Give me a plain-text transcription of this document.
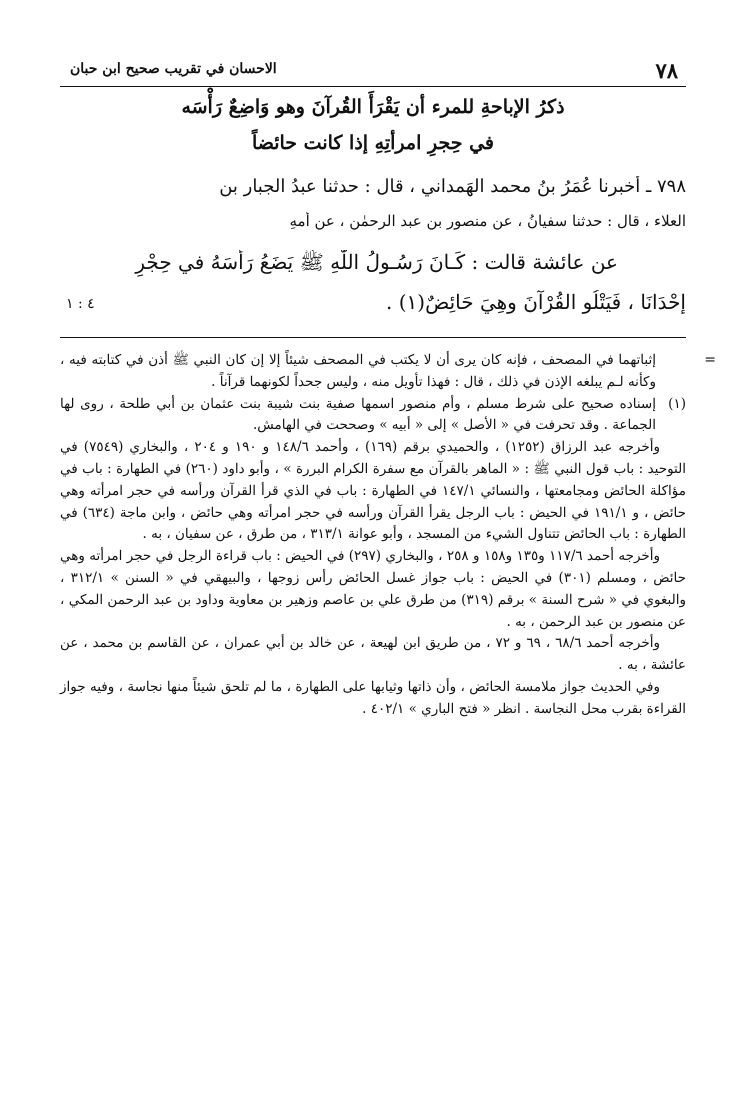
٧٨
الاحسان في تقريب صحيح ابن حبان
ذكرُ الإباحةِ للمرء أن يَقْرَأَ القُرآنَ وهو وَاضِعٌ رَأْسَه
في حِجرِ امرأتِهِ إذا كانت حائضاً
٧٩٨ ـ أخبرنا عُمَرُ بنُ محمد الهَمداني ، قال : حدثنا عبدُ الجبار بن
العلاء ، قال : حدثنا سفيانُ ، عن منصور بن عبد الرحمٰن ، عن أمهِ
عن عائشة قالت : كَـانَ رَسُـولُ اللّٰهِ ﷺ يَضَعُ رَأْسَهُ في حِجْرِ
إِحْدَانَا ، فَيَتْلُو القُرْآنَ وهِيَ حَائِضٌ(١) .
٤ : ١

=
إثباتهما في المصحف ، فإنه كان يرى أن لا يكتب في المصحف شيئاً إلا إن كان النبي ﷺ أذن في كتابته فيه ، وكأنه لـم يبلغه الإذن في ذلك ، قال : فهذا تأويل منه ، وليس جحداً لكونهما قرآناً .

(١)
إسناده صحيح على شرط مسلم ، وأم منصور اسمها صفية بنت شيبة بنت عثمان بن أبي طلحة ، روى لها الجماعة . وقد تحرفت في « الأصل » إلى « أبيه » وصححت في الهامش.

وأخرجه عبد الرزاق (١٢٥٢) ، والحميدي برقم (١٦٩) ، وأحمد ١٤٨/٦ و ١٩٠ و ٢٠٤ ، والبخاري (٧٥٤٩) في التوحيد : باب قول النبي ﷺ : « الماهر بالقرآن مع سفرة الكرام البررة » ، وأبو داود (٢٦٠) في الطهارة : باب في مؤاكلة الحائض ومجامعتها ، والنسائي ١٤٧/١ في الطهارة : باب في الذي قرأ القرآن ورأسه في حجر امرأته وهي حائض ، و ١٩١/١ في الحيض : باب الرجل يقرأ القرآن ورأسه في حجر امرأته وهي حائض ، وابن ماجة (٦٣٤) في الطهارة : باب الحائض تتناول الشيء من المسجد ، وأبو عوانة ٣١٣/١ ، من طرق ، عن سفيان ، به .

وأخرجه أحمد ١١٧/٦ و١٣٥ و١٥٨ و ٢٥٨ ، والبخاري (٢٩٧) في الحيض : باب قراءة الرجل في حجر امرأته وهي حائض ، ومسلم (٣٠١) في الحيض : باب جواز غسل الحائض رأس زوجها ، والبيهقي في « السنن » ٣١٢/١ ، والبغوي في « شرح السنة » برقم (٣١٩) من طرق علي بن عاصم وزهير بن معاوية وداود بن عبد الرحمن المكي ، عن منصور بن عبد الرحمن ، به .

وأخرجه أحمد ٦٨/٦ ، ٦٩ و ٧٢ ، من طريق ابن لهيعة ، عن خالد بن أبي عمران ، عن القاسم بن محمد ، عن عائشة ، به .

وفي الحديث جواز ملامسة الحائض ، وأن ذاتها وثيابها على الطهارة ، ما لم تلحق شيئاً منها نجاسة ، وفيه جواز القراءة بقرب محل النجاسة . انظر « فتح الباري » ٤٠٢/١ .
